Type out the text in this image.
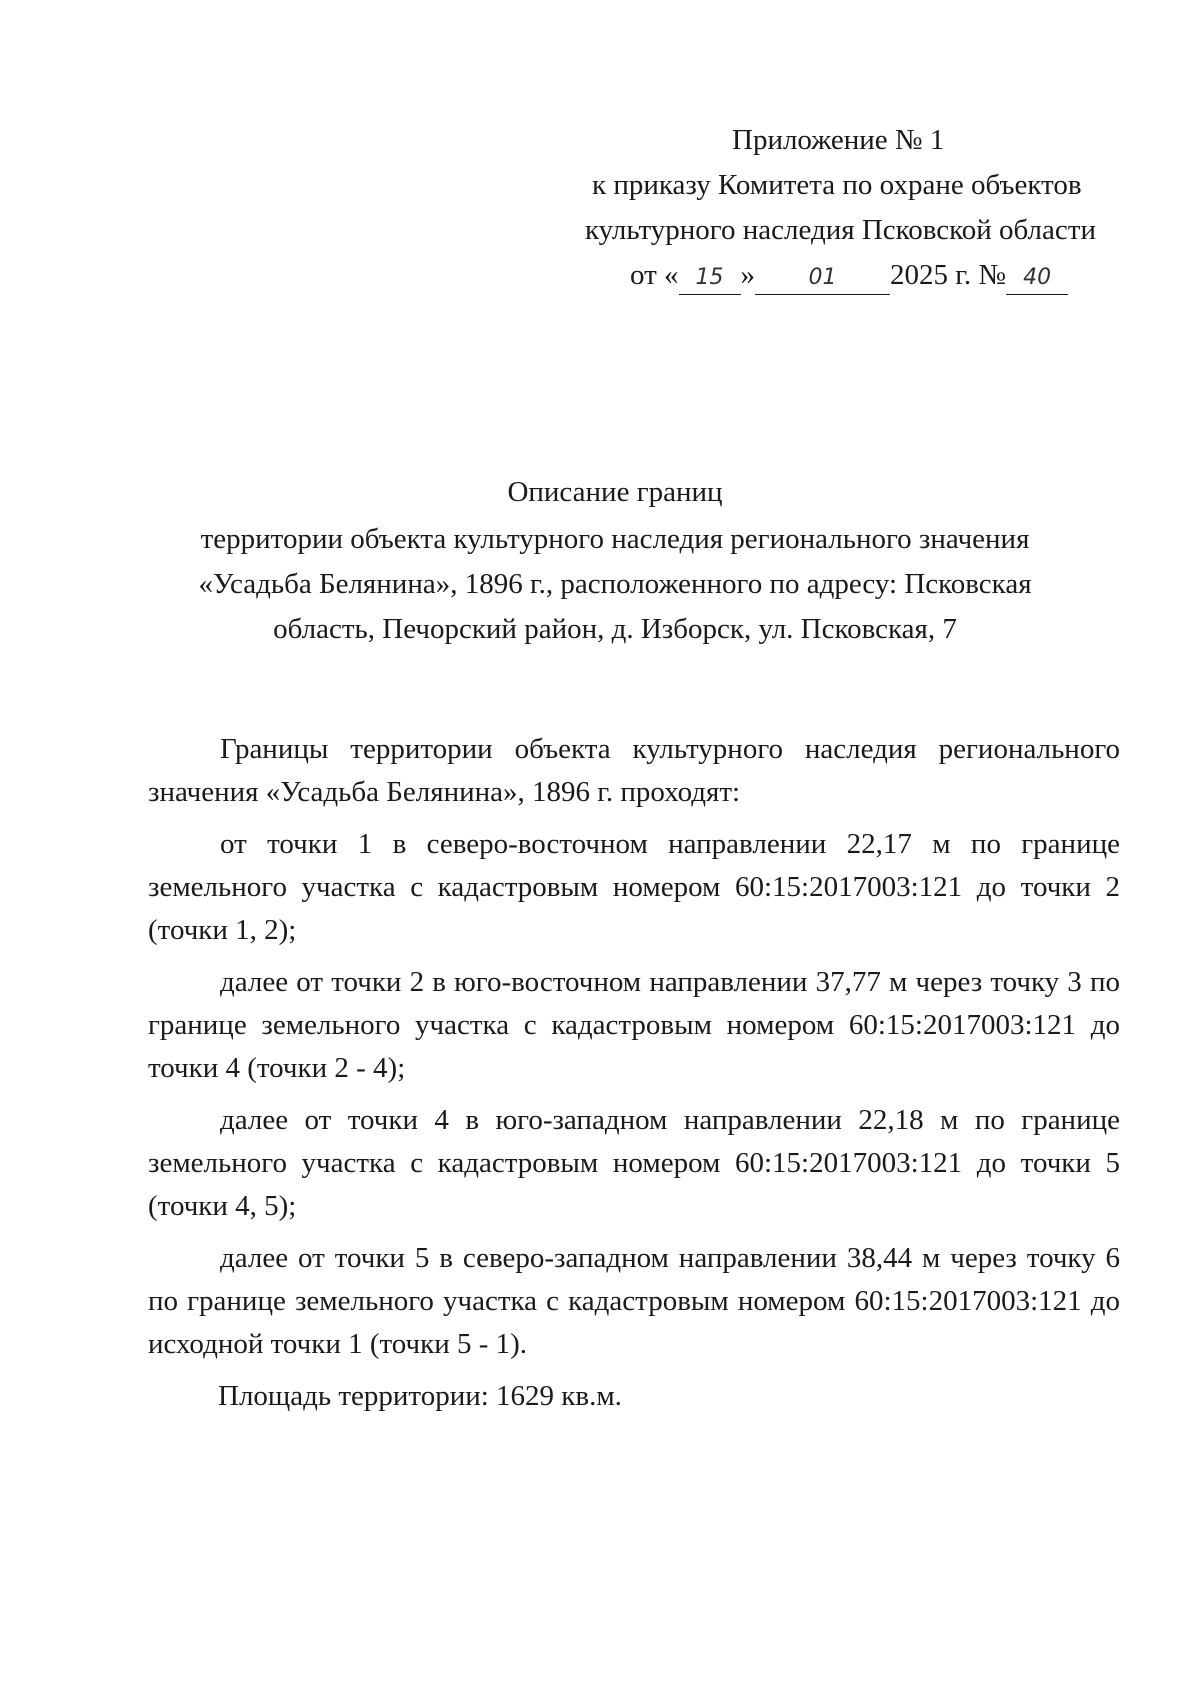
Приложение № 1
к приказу Комитета по охране объектов
культурного наследия Псковской области
от « 15 » 01 2025 г. № 40
Описание границ
территории объекта культурного наследия регионального значения
«Усадьба Белянина», 1896 г., расположенного по адресу: Псковская
область, Печорский район, д. Изборск, ул. Псковская, 7

Границы территории объекта культурного наследия регионального значения «Усадьба Белянина», 1896 г. проходят:

от точки 1 в северо-восточном направлении 22,17 м по границе земельного участка с кадастровым номером 60:15:2017003:121 до точки 2 (точки 1, 2);

далее от точки 2 в юго-восточном направлении 37,77 м через точку 3 по границе земельного участка с кадастровым номером 60:15:2017003:121 до точки 4 (точки 2 - 4);

далее от точки 4 в юго-западном направлении 22,18 м по границе земельного участка с кадастровым номером 60:15:2017003:121 до точки 5 (точки 4, 5);

далее от точки 5 в северо-западном направлении 38,44 м через точку 6 по границе земельного участка с кадастровым номером 60:15:2017003:121 до исходной точки 1 (точки 5 - 1).

Площадь территории: 1629 кв.м.
